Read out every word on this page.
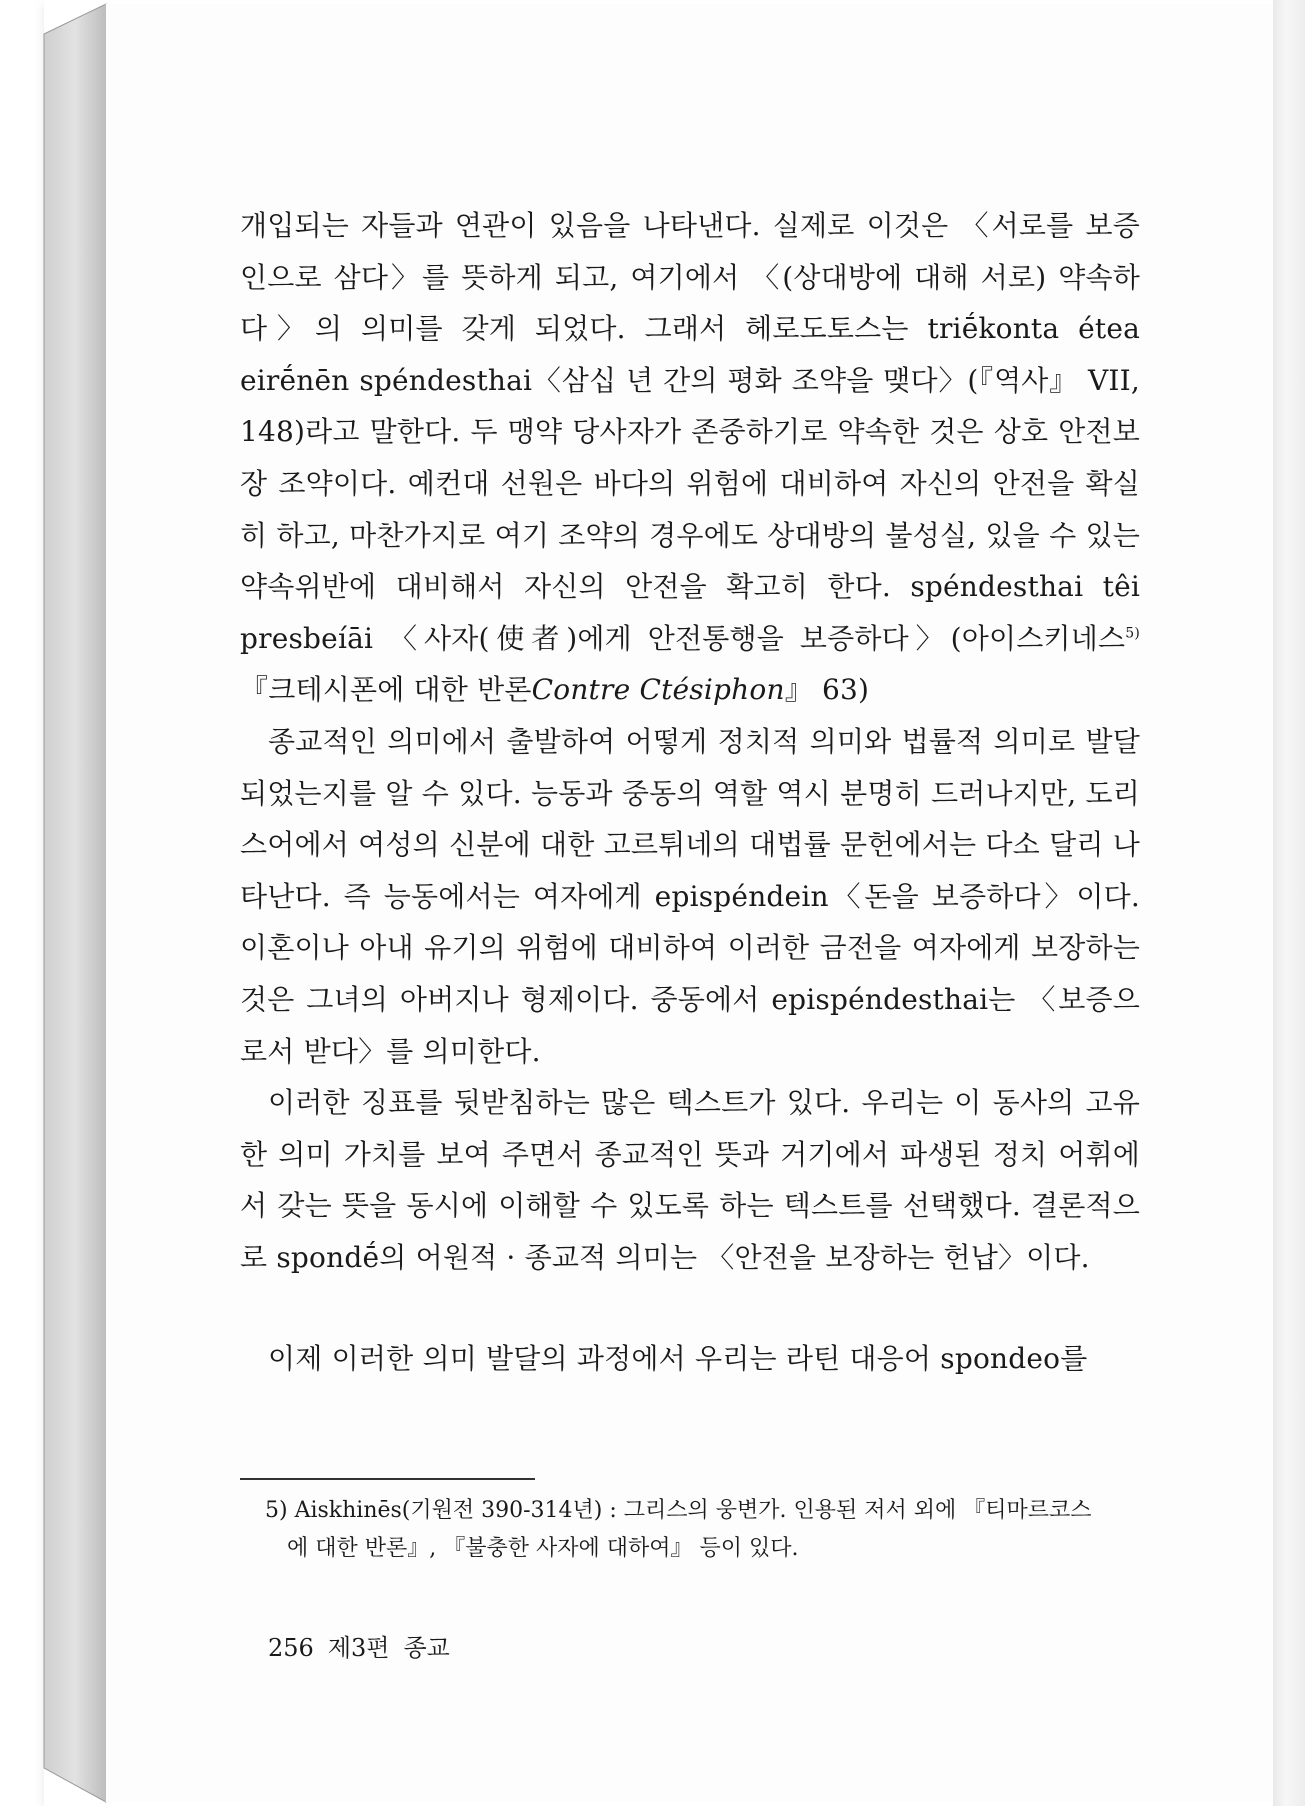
개입되는 자들과 연관이 있음을 나타낸다. 실제로 이것은 〈서로를 보증인으로 삼다〉를 뜻하게 되고, 여기에서 〈(상대방에 대해 서로) 약속하다〉의 의미를 갖게 되었다. 그래서 헤로도토스는 triḗkonta étea eirḗnēn spéndesthai〈삼십 년 간의 평화 조약을 맺다〉(『역사』 VII, 148)라고 말한다. 두 맹약 당사자가 존중하기로 약속한 것은 상호 안전보장 조약이다. 예컨대 선원은 바다의 위험에 대비하여 자신의 안전을 확실히 하고, 마찬가지로 여기 조약의 경우에도 상대방의 불성실, 있을 수 있는 약속위반에 대비해서 자신의 안전을 확고히 한다. spéndesthai têi presbeíāi 〈사자(使者)에게 안전통행을 보증하다〉(아이스키네스$^{5)}$ 『크테시폰에 대한 반론Contre Ctésiphon』 63)

종교적인 의미에서 출발하여 어떻게 정치적 의미와 법률적 의미로 발달되었는지를 알 수 있다. 능동과 중동의 역할 역시 분명히 드러나지만, 도리스어에서 여성의 신분에 대한 고르튀네의 대법률 문헌에서는 다소 달리 나타난다. 즉 능동에서는 여자에게 epispéndein〈돈을 보증하다〉이다. 이혼이나 아내 유기의 위험에 대비하여 이러한 금전을 여자에게 보장하는 것은 그녀의 아버지나 형제이다. 중동에서 epispéndesthai는 〈보증으로서 받다〉를 의미한다.

이러한 징표를 뒷받침하는 많은 텍스트가 있다. 우리는 이 동사의 고유한 의미 가치를 보여 주면서 종교적인 뜻과 거기에서 파생된 정치 어휘에서 갖는 뜻을 동시에 이해할 수 있도록 하는 텍스트를 선택했다. 결론적으로 spondḗ의 어원적 · 종교적 의미는 〈안전을 보장하는 헌납〉이다.

이제 이러한 의미 발달의 과정에서 우리는 라틴 대응어 spondeo를

5) Aiskhinēs(기원전 390-314년) : 그리스의 웅변가. 인용된 저서 외에 『티마르코스
에 대한 반론』, 『불충한 사자에 대하여』 등이 있다.
256 제3편 종교
